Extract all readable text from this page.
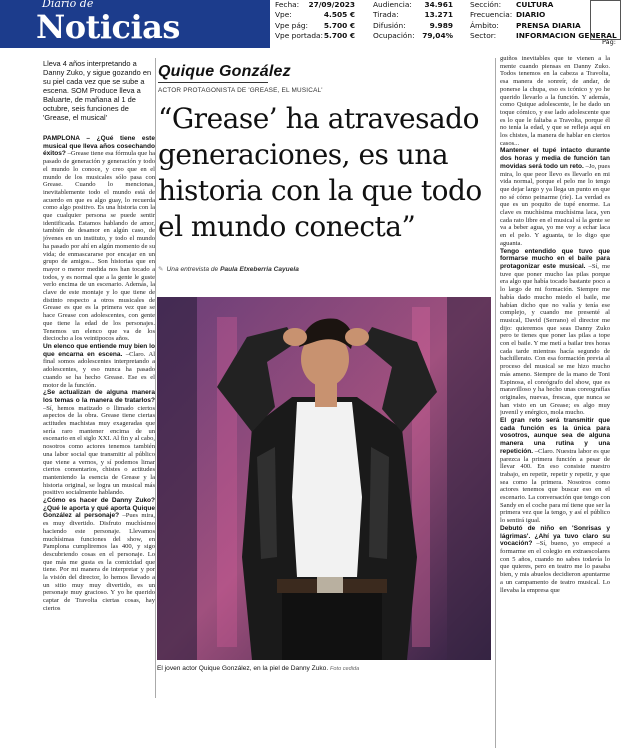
Diario de
Noticias
Fecha: 27/09/2023
Vpe:	4.505 €
Vpe pág: 5.700 €
Vpe portada: 5.700 €
Audiencia: 34.961
Tirada:	13.271
Difusión:	9.989
Ocupación: 79,04%
Sección: CULTURA
Frecuencia: DIARIO
Ámbito: PRENSA DIARIA
Sector:	INFORMACION GENERAL
Pág:
Lleva 4 años interpretando a Danny Zuko, y sigue gozando en su piel cada vez que se sube a escena. SOM Produce lleva a Baluarte, de mañana al 1 de octubre, seis funciones de 'Grease, el musical'

PAMPLONA – ¿Qué tiene este musical que lleva años cosechando éxitos? –Grease tiene esa fórmula que ha pasado de generación y generación y todo el mundo lo conoce, y creo que en el mundo de los musicales sólo pasa con Grease. Cuando lo mencionas, inevitablemente todo el mundo está de acuerdo en que es algo guay, lo recuerda como algo positivo. Es una historia con la que cualquier persona se puede sentir identificada. Estamos hablando de amor, también de desamor en algún caso, de jóvenes en un instituto, y todo el mundo ha pasado por ahí en algún momento de su vida; de enmascararse por encajar en un grupo de amigos... Son historias que en mayor o menor medida nos han tocado a todos, y es normal que a la gente le guste verlo encima de un escenario. Además, la clave de este montaje y lo que tiene de distinto respecto a otros musicales de Grease es que es la primera vez que se hace Grease con adolescentes, con gente que tiene la edad de los personajes. Tenemos un elenco que va de los dieciocho a los veintipocos años.

Un elenco que entiende muy bien lo que encarna en escena. –Claro. Al final somos adolescentes interpretando a adolescentes, y eso nunca ha pasado cuando se ha hecho Grease. Ese es el motor de la función.

¿Se actualizan de alguna manera los temas o la manera de tratarlos? –Sí, hemos matizado o llimado ciertos aspectos de la obra. Grease tiene ciertas actitudes machistas muy exageradas que sería raro mantener encima de un escenario en el siglo XXI. Al fin y al cabo, nosotros como actores tenemos también una labor social que transmitir al público que viene a vernos, y sí podemos limar ciertos comentarios, chistes o actitudes manteniendo la esencia de Grease y la historia original, se logra un musical más positivo socialmente hablando.

¿Cómo es hacer de Danny Zuko? ¿Qué le aporta y qué aporta Quique González al personaje? –Pues mira, es muy divertido. Disfruto muchísimo haciendo este personaje. Llevamos muchísimas funciones del show, en Pamplona cumpliremos las 400, y sigo descubriendo cosas en el personaje. Lo que más me gusta es la comicidad que tiene. Por mi manera de interpretar y por la visión del director, lo hemos llevado a un sitio muy muy divertido, es un personaje muy gracioso. Y yo he querido captar de Travolta ciertas cosas, hay ciertos

Quique González
ACTOR PROTAGONISTA DE 'GREASE, EL MUSICAL'
“Grease’ ha atravesado generaciones, es una historia con la que todo el mundo conecta”
✎ Una entrevista de Paula Etxeberria Cayuela
El joven actor Quique González, en la piel de Danny Zuko. Foto cedida

guiños inevitables que te vienen a la mente cuando piensas en Danny Zuko. Todos tenemos en la cabeza a Travolta, esa manera de sonreír, de andar, de ponerse la chupa, eso es icónico y yo he querido llevarlo a la función. Y además, como Quique adolescente, le he dado un toque cómico, y ese lado adolescente que es lo que le faltaba a Travolta, porque él no tenía la edad, y que se refleja aquí en los chistes, la manera de hablar en ciertos casos...

Mantener el tupé intacto durante dos horas y media de función tan movidas será todo un reto. –Jo, pues mira, lo que peor llevo es llevarlo en mi vida normal, porque el pelo me lo tengo que dejar largo y ya llega un punto en que no sé cómo peinarme (ríe). La verdad es que es un poquito de tupé enorme. La clave es muchísima muchísima laca, yen cada rato libre en el musical sí la gente se va a beber agua, yo me voy a echar laca en el pelo. Y aguanta, te lo digo que aguanta.

Tengo entendido que tuvo que formarse mucho en el baile para protagonizar este musical. –Sí, me tuve que poner mucho las pilas porque era algo que había tocado bastante poco a lo largo de mi formación. Siempre me había dado mucho miedo el baile, me habían dicho que no valía y tenía ese complejo, y cuando me presenté al musical, David (Serrano) el director me dijo: quieremos que seas Danny Zuko pero te tienes que poner las pilas a tope con el baile. Y me metí a bailar tres horas cada tarde mientras hacía segundo de bachillerato. Con esa formación previa al proceso del musical se me hizo mucho más ameno. Siempre de la mano de Toni Espinosa, el coreógrafo del show, que es maravilloso y ha hecho unas coreografías originales, nuevas, frescas, que nunca se han visto en un Grease; es algo muy juvenil y enérgico, mola mucho.

El gran reto será transmitir que cada función es la única para vosotros, aunque sea de alguna manera una rutina y una repetición. –Claro. Nuestra labor es que parezca la primera función a pesar de llevar 400. En eso consiste nuestro trabajo, en repetir, repetir y repetir, y que sea como la primera. Nosotros como actores tenemos que buscar eso en el escenario. La conversación que tengo con Sandy en el coche para mí tiene que ser la primera vez que la tengo, y así el público lo sentirá igual.

Debutó de niño en 'Sonrisas y lágrimas'. ¿Ahí ya tuvo claro su vocación? –Sí, bueno, yo empecé a formarme en el colegio en extraescolares con 5 años, cuando no sabes todavía lo que quieres, pero en teatro me lo pasaba bien, y mis abuelos decidieron apuntarme a un campamento de teatro musical. Lo llevaba la empresa que
